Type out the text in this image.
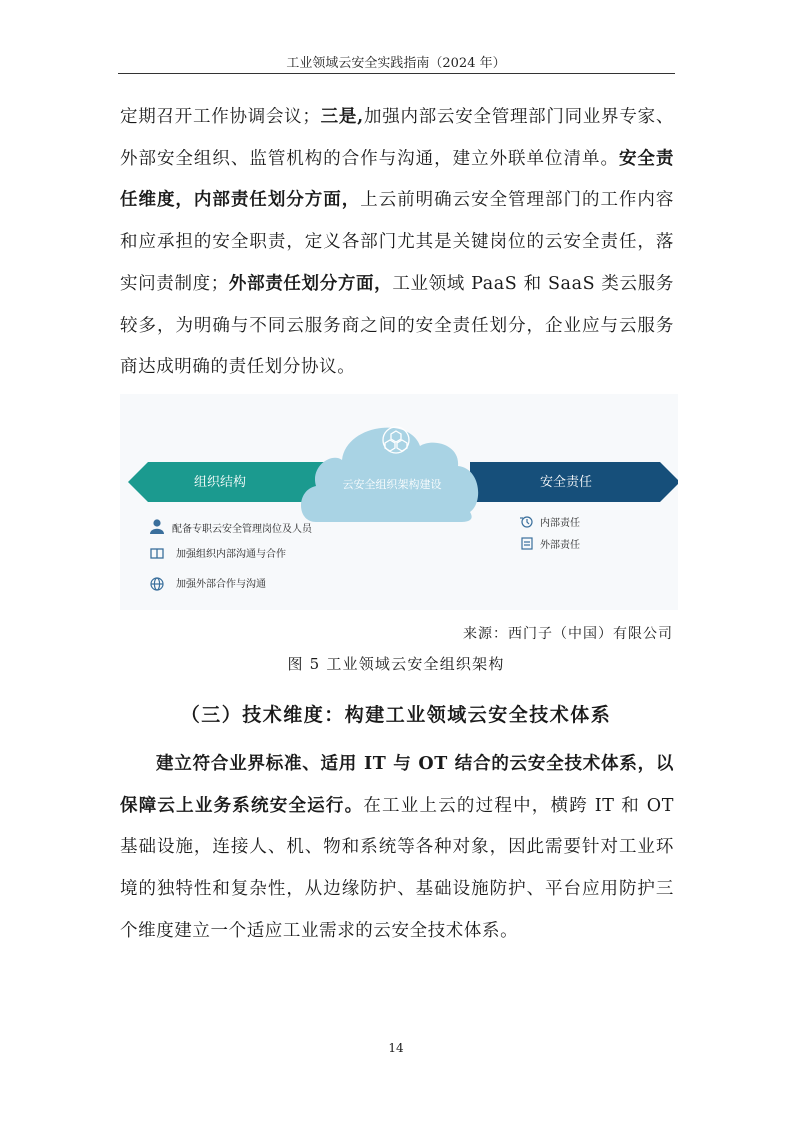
工业领域云安全实践指南（2024 年）

定期召开工作协调会议；三是,加强内部云安全管理部门同业界专家、外部安全组织、监管机构的合作与沟通，建立外联单位清单。安全责任维度，内部责任划分方面，上云前明确云安全管理部门的工作内容和应承担的安全职责，定义各部门尤其是关键岗位的云安全责任，落实问责制度；外部责任划分方面，工业领域 PaaS 和 SaaS 类云服务较多，为明确与不同云服务商之间的安全责任划分，企业应与云服务商达成明确的责任划分协议。

组织结构	安全责任
云安全组织架构建设
配备专职云安全管理岗位及人员
加强组织内部沟通与合作
加强外部合作与沟通
内部责任
外部责任
来源：西门子（中国）有限公司
图 5 工业领域云安全组织架构
（三）技术维度：构建工业领域云安全技术体系

建立符合业界标准、适用 IT 与 OT 结合的云安全技术体系，以保障云上业务系统安全运行。在工业上云的过程中，横跨 IT 和 OT 基础设施，连接人、机、物和系统等各种对象，因此需要针对工业环境的独特性和复杂性，从边缘防护、基础设施防护、平台应用防护三个维度建立一个适应工业需求的云安全技术体系。

14
